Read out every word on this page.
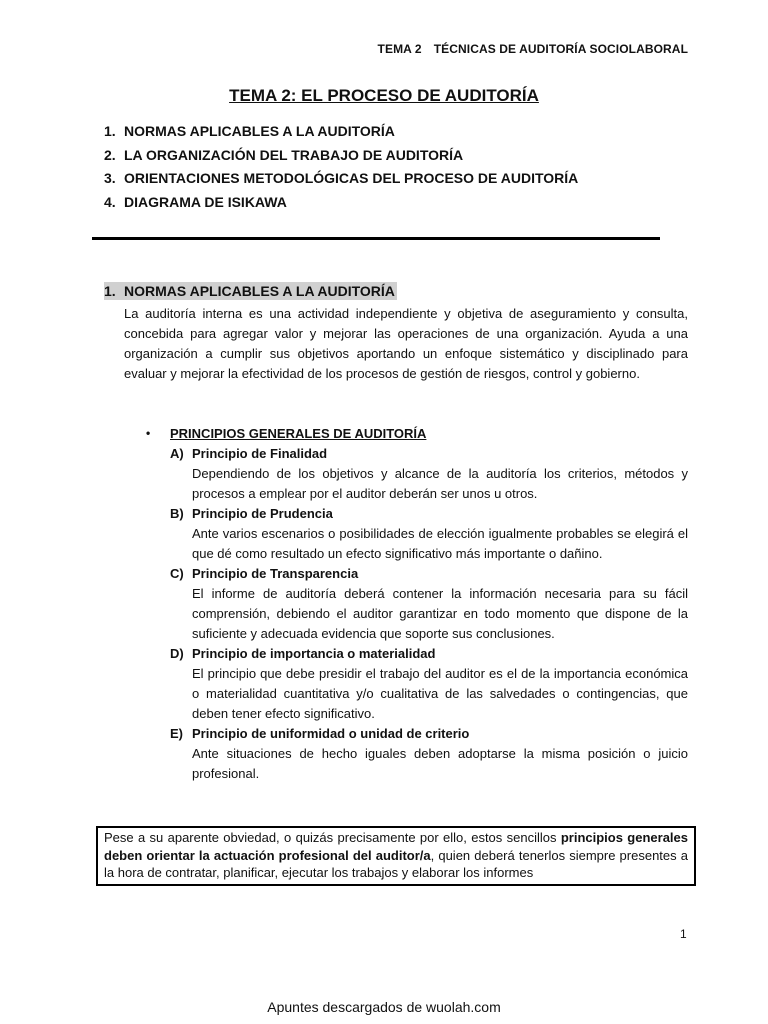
TEMA 2 TÉCNICAS DE AUDITORÍA SOCIOLABORAL
TEMA 2: EL PROCESO DE AUDITORÍA
1. NORMAS APLICABLES A LA AUDITORÍA
2. LA ORGANIZACIÓN DEL TRABAJO DE AUDITORÍA
3. ORIENTACIONES METODOLÓGICAS DEL PROCESO DE AUDITORÍA
4. DIAGRAMA DE ISIKAWA
1. NORMAS APLICABLES A LA AUDITORÍA
La auditoría interna es una actividad independiente y objetiva de aseguramiento y consulta, concebida para agregar valor y mejorar las operaciones de una organización. Ayuda a una organización a cumplir sus objetivos aportando un enfoque sistemático y disciplinado para evaluar y mejorar la efectividad de los procesos de gestión de riesgos, control y gobierno.
• PRINCIPIOS GENERALES DE AUDITORÍA
A) Principio de Finalidad
Dependiendo de los objetivos y alcance de la auditoría los criterios, métodos y procesos a emplear por el auditor deberán ser unos u otros.
B) Principio de Prudencia
Ante varios escenarios o posibilidades de elección igualmente probables se elegirá el que dé como resultado un efecto significativo más importante o dañino.
C) Principio de Transparencia
El informe de auditoría deberá contener la información necesaria para su fácil comprensión, debiendo el auditor garantizar en todo momento que dispone de la suficiente y adecuada evidencia que soporte sus conclusiones.
D) Principio de importancia o materialidad
El principio que debe presidir el trabajo del auditor es el de la importancia económica o materialidad cuantitativa y/o cualitativa de las salvedades o contingencias, que deben tener efecto significativo.
E) Principio de uniformidad o unidad de criterio
Ante situaciones de hecho iguales deben adoptarse la misma posición o juicio profesional.
Pese a su aparente obviedad, o quizás precisamente por ello, estos sencillos principios generales deben orientar la actuación profesional del auditor/a, quien deberá tenerlos siempre presentes a la hora de contratar, planificar, ejecutar los trabajos y elaborar los informes
1
Apuntes descargados de wuolah.com
